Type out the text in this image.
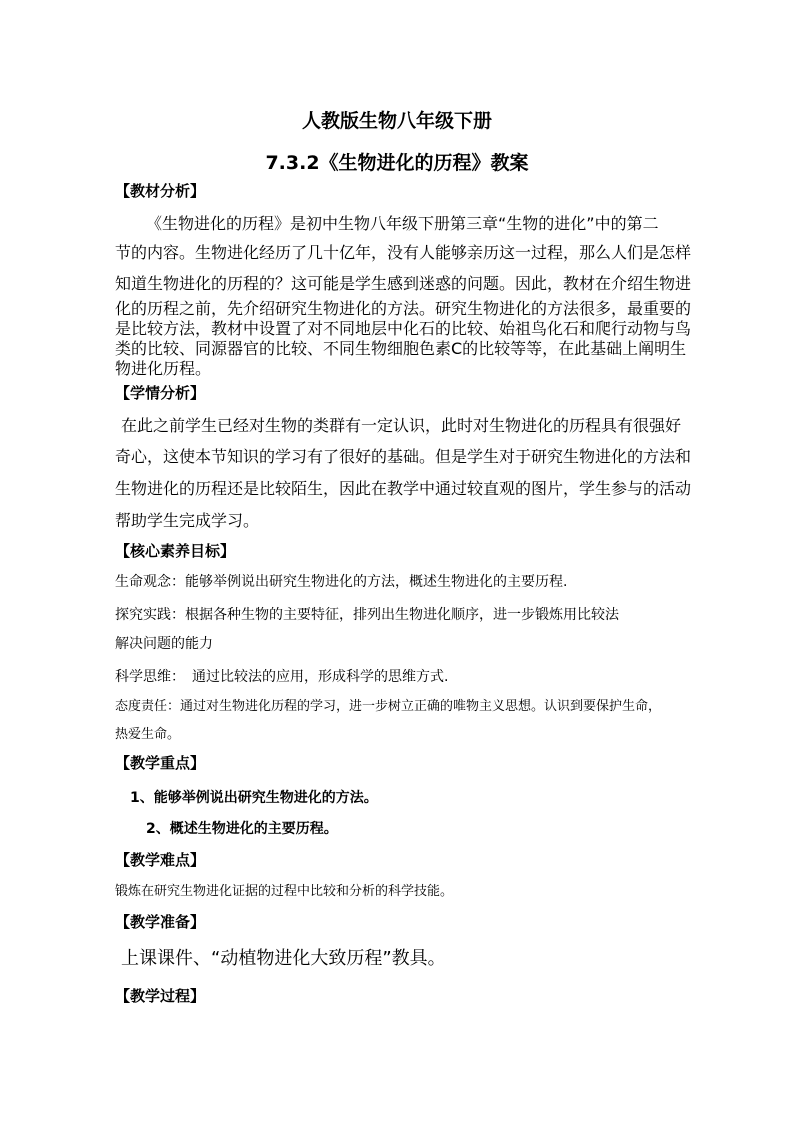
人教版生物八年级下册
7.3.2《生物进化的历程》教案
【教材分析】
《生物进化的历程》是初中生物八年级下册第三章“生物的进化”中的第二
节的内容。生物进化经历了几十亿年，没有人能够亲历这一过程，那么人们是怎样
知道生物进化的历程的？这可能是学生感到迷惑的问题。因此，教材在介绍生物进
化的历程之前，先介绍研究生物进化的方法。研究生物进化的方法很多，最重要的
是比较方法，教材中设置了对不同地层中化石的比较、始祖鸟化石和爬行动物与鸟
类的比较、同源器官的比较、不同生物细胞色素C的比较等等，在此基础上阐明生
物进化历程。
【学情分析】
在此之前学生已经对生物的类群有一定认识，此时对生物进化的历程具有很强好
奇心，这使本节知识的学习有了很好的基础。但是学生对于研究生物进化的方法和
生物进化的历程还是比较陌生，因此在教学中通过较直观的图片，学生参与的活动
帮助学生完成学习。
【核心素养目标】
生命观念：能够举例说出研究生物进化的方法，概述生物进化的主要历程.
探究实践：根据各种生物的主要特征，排列出生物进化顺序，进一步锻炼用比较法
解决问题的能力
科学思维：　通过比较法的应用，形成科学的思维方式.
态度责任：通过对生物进化历程的学习，进一步树立正确的唯物主义思想。认识到要保护生命，
热爱生命。
【教学重点】
1、能够举例说出研究生物进化的方法。
2、概述生物进化的主要历程。
【教学难点】
锻炼在研究生物进化证据的过程中比较和分析的科学技能。
【教学准备】
上课课件、“动植物进化大致历程”教具。
【教学过程】
